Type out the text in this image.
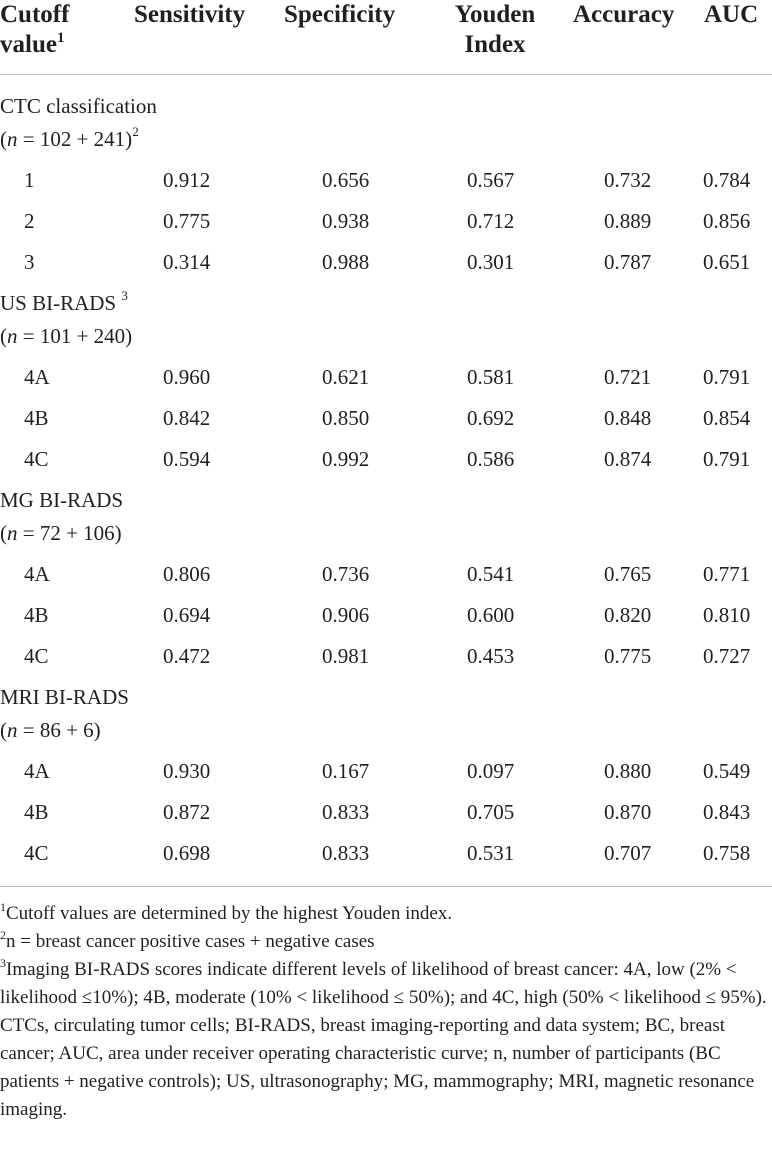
Cutoff
value$^1$
Sensitivity Specificity	Youden
Index
Accuracy AUC
CTC classification
(n = 102 + 241)$^2$
1	0.912	0.656	0.567	0.732 0.784
2	0.775	0.938	0.712	0.889 0.856
3	0.314	0.988	0.301	0.787 0.651
US BI-RADS $^3$
(n = 101 + 240)
4A	0.960	0.621	0.581	0.721 0.791
4B	0.842	0.850	0.692	0.848 0.854
4C	0.594	0.992	0.586	0.874 0.791
MG BI-RADS
(n = 72 + 106)
4A	0.806	0.736	0.541	0.765 0.771
4B	0.694	0.906	0.600	0.820 0.810
4C	0.472	0.981	0.453	0.775 0.727
MRI BI-RADS
(n = 86 + 6)
4A	0.930	0.167	0.097	0.880 0.549
4B	0.872	0.833	0.705	0.870 0.843
4C	0.698	0.833	0.531	0.707 0.758

$^1$Cutoff values are determined by the highest Youden index.

$^2$n = breast cancer positive cases + negative cases

$^3$Imaging BI-RADS scores indicate different levels of likelihood of breast cancer: 4A, low (2% < likelihood ≤10%); 4B, moderate (10% < likelihood ≤ 50%); and 4C, high (50% < likelihood ≤ 95%).

CTCs, circulating tumor cells; BI-RADS, breast imaging-reporting and data system; BC, breast cancer; AUC, area under receiver operating characteristic curve; n, number of participants (BC patients + negative controls); US, ultrasonography; MG, mammography; MRI, magnetic resonance imaging.
